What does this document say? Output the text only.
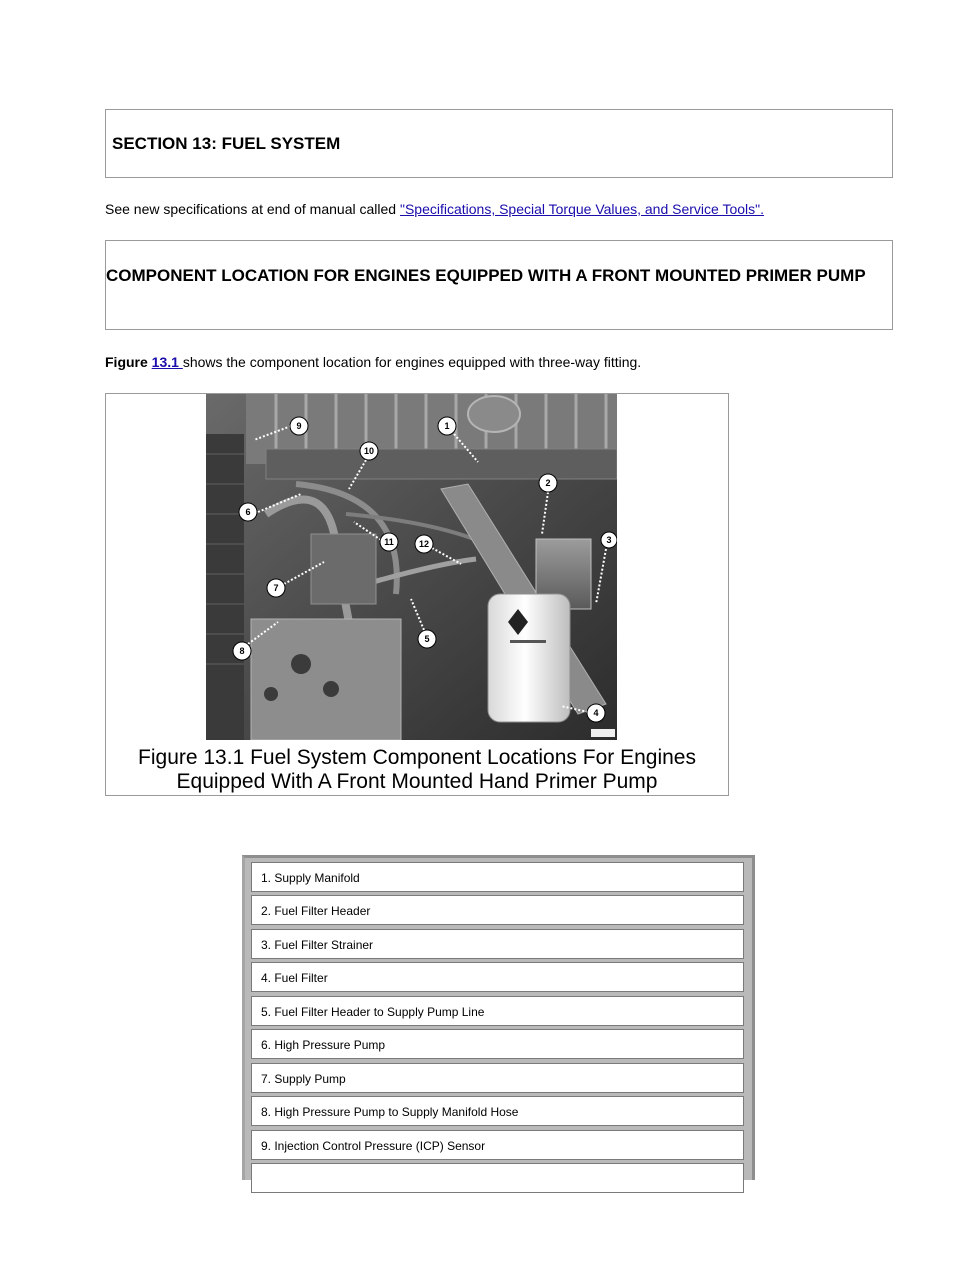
SECTION 13: FUEL SYSTEM
See new specifications at end of manual called "Specifications, Special Torque Values, and Service Tools".
COMPONENT LOCATION FOR ENGINES EQUIPPED WITH A FRONT MOUNTED PRIMER PUMP
Figure 13.1 shows the component location for engines equipped with three-way fitting.
9	1
10
2
6
11	12	3
7
5
8
4
Figure 13.1 Fuel System Component Locations For Engines Equipped With A Front Mounted Hand Primer Pump
1. Supply Manifold
2. Fuel Filter Header
3. Fuel Filter Strainer
4. Fuel Filter
5. Fuel Filter Header to Supply Pump Line
6. High Pressure Pump
7. Supply Pump
8. High Pressure Pump to Supply Manifold Hose
9. Injection Control Pressure (ICP) Sensor
